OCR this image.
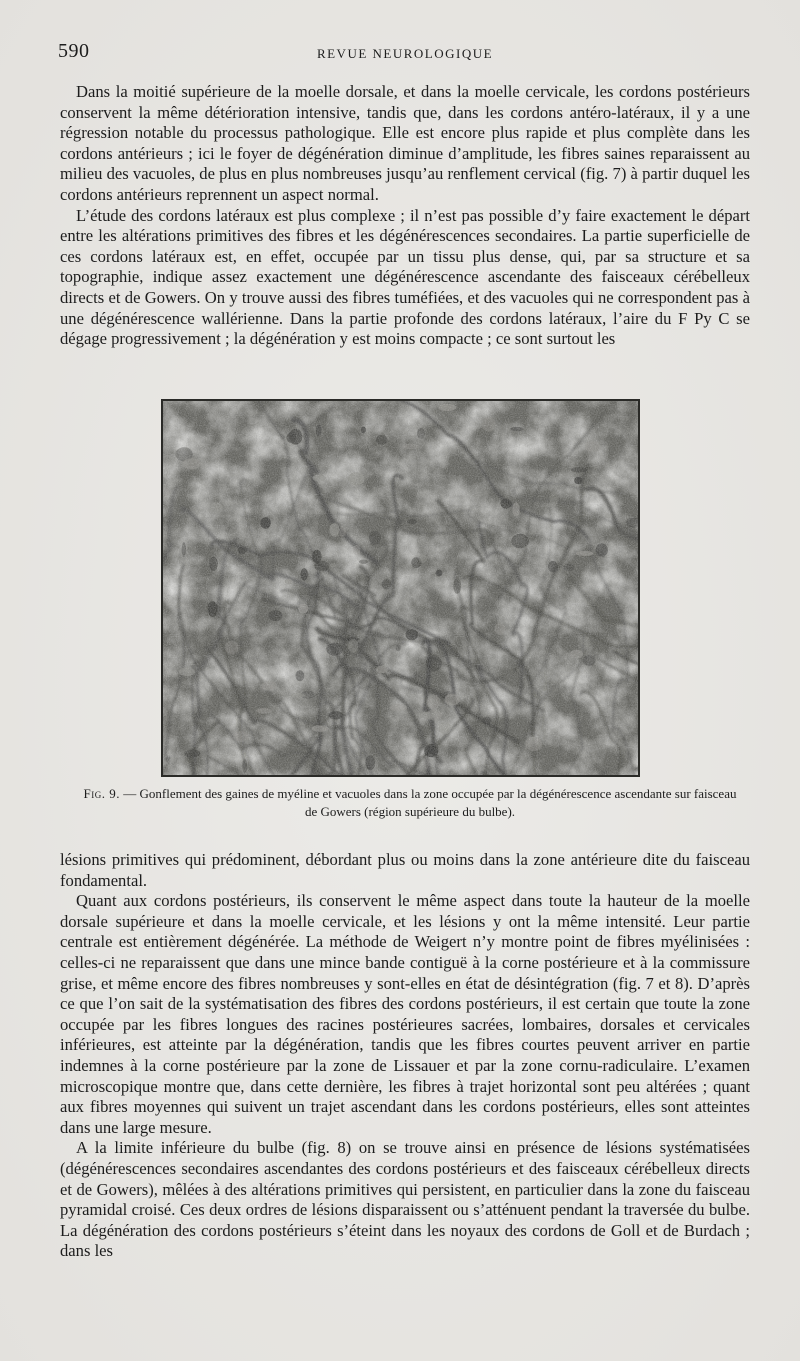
590	REVUE NEUROLOGIQUE

Dans la moitié supérieure de la moelle dorsale, et dans la moelle cervicale, les cordons postérieurs conservent la même détérioration intensive, tandis que, dans les cordons antéro-latéraux, il y a une régression notable du processus pathologique. Elle est encore plus rapide et plus complète dans les cordons antérieurs ; ici le foyer de dégénération diminue d’amplitude, les fibres saines reparaissent au milieu des vacuoles, de plus en plus nombreuses jusqu’au renflement cervical (fig. 7) à partir duquel les cordons antérieurs reprennent un aspect normal.

L’étude des cordons latéraux est plus complexe ; il n’est pas possible d’y faire exactement le départ entre les altérations primitives des fibres et les dégénérescences secondaires. La partie superficielle de ces cordons latéraux est, en effet, occupée par un tissu plus dense, qui, par sa structure et sa topographie, indique assez exactement une dégénérescence ascendante des faisceaux cérébelleux directs et de Gowers. On y trouve aussi des fibres tuméfiées, et des vacuoles qui ne correspondent pas à une dégénérescence wallérienne. Dans la partie profonde des cordons latéraux, l’aire du F Py C se dégage progressivement ; la dégénération y est moins compacte ; ce sont surtout les

Fig. 9. — Gonflement des gaines de myéline et vacuoles dans la zone occupée par la dégénérescence ascendante sur faisceau de Gowers (région supérieure du bulbe).

lésions primitives qui prédominent, débordant plus ou moins dans la zone antérieure dite du faisceau fondamental.

Quant aux cordons postérieurs, ils conservent le même aspect dans toute la hauteur de la moelle dorsale supérieure et dans la moelle cervicale, et les lésions y ont la même intensité. Leur partie centrale est entièrement dégénérée. La méthode de Weigert n’y montre point de fibres myélinisées : celles-ci ne reparaissent que dans une mince bande contiguë à la corne postérieure et à la commissure grise, et même encore des fibres nombreuses y sont-elles en état de désintégration (fig. 7 et 8). D’après ce que l’on sait de la systématisation des fibres des cordons postérieurs, il est certain que toute la zone occupée par les fibres longues des racines postérieures sacrées, lombaires, dorsales et cervicales inférieures, est atteinte par la dégénération, tandis que les fibres courtes peuvent arriver en partie indemnes à la corne postérieure par la zone de Lissauer et par la zone cornu-radiculaire. L’examen microscopique montre que, dans cette dernière, les fibres à trajet horizontal sont peu altérées ; quant aux fibres moyennes qui suivent un trajet ascendant dans les cordons postérieurs, elles sont atteintes dans une large mesure.

A la limite inférieure du bulbe (fig. 8) on se trouve ainsi en présence de lésions systématisées (dégénérescences secondaires ascendantes des cordons postérieurs et des faisceaux cérébelleux directs et de Gowers), mêlées à des altérations primitives qui persistent, en particulier dans la zone du faisceau pyramidal croisé. Ces deux ordres de lésions disparaissent ou s’atténuent pendant la traversée du bulbe. La dégénération des cordons postérieurs s’éteint dans les noyaux des cordons de Goll et de Burdach ; dans les
